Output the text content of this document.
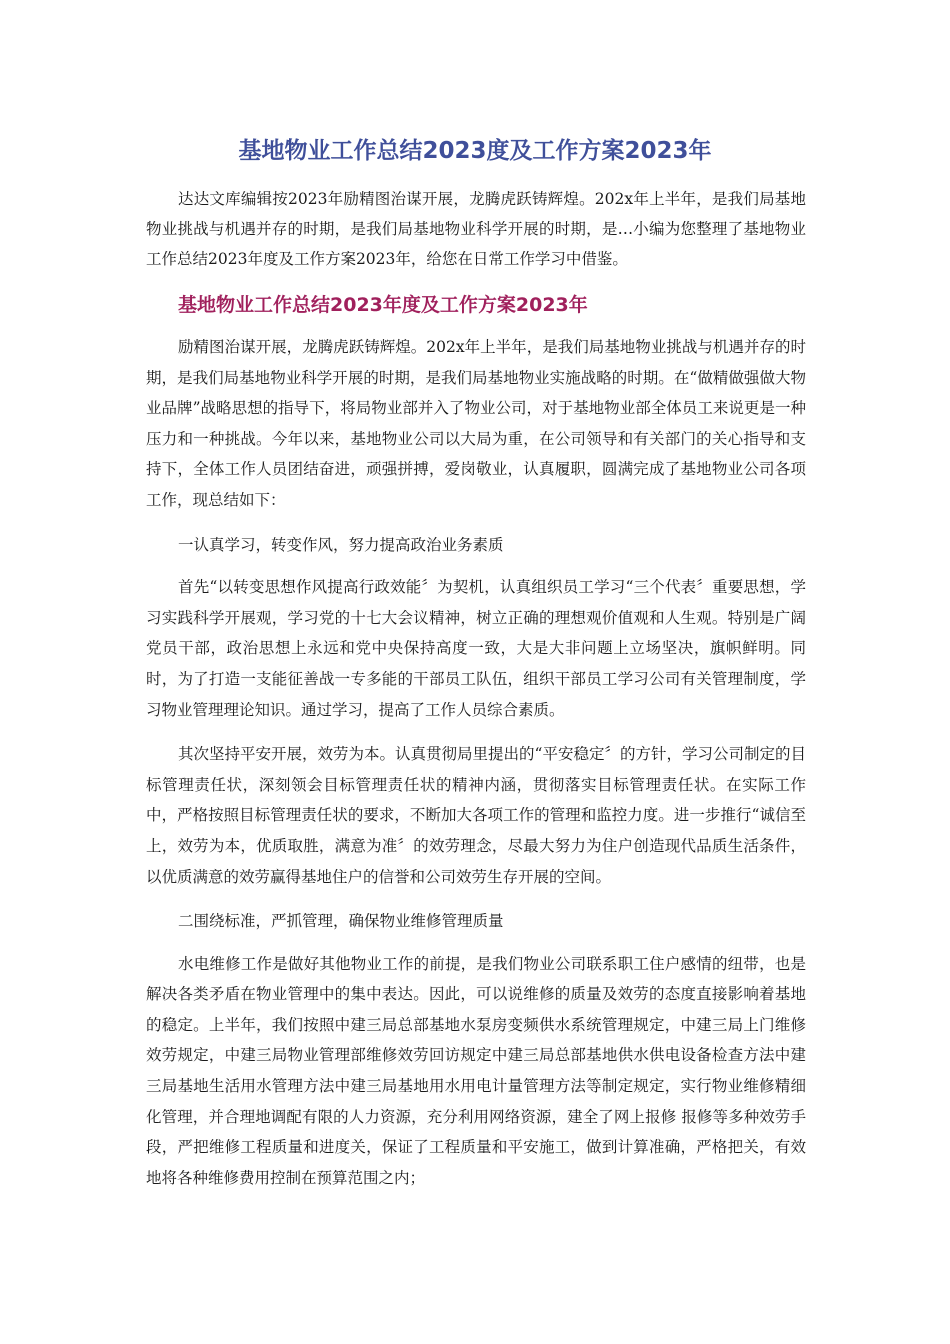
基地物业工作总结2023度及工作方案2023年

达达文库编辑按2023年励精图治谋开展，龙腾虎跃铸辉煌。202x年上半年，是我们局基地物业挑战与机遇并存的时期，是我们局基地物业科学开展的时期，是…小编为您整理了基地物业工作总结2023年度及工作方案2023年，给您在日常工作学习中借鉴。

基地物业工作总结2023年度及工作方案2023年

励精图治谋开展，龙腾虎跃铸辉煌。202x年上半年，是我们局基地物业挑战与机遇并存的时期，是我们局基地物业科学开展的时期，是我们局基地物业实施战略的时期。在“做精做强做大物业品牌”战略思想的指导下，将局物业部并入了物业公司，对于基地物业部全体员工来说更是一种压力和一种挑战。今年以来，基地物业公司以大局为重，在公司领导和有关部门的关心指导和支持下，全体工作人员团结奋进，顽强拼搏，爱岗敬业，认真履职，圆满完成了基地物业公司各项工作，现总结如下：

一认真学习，转变作风，努力提高政治业务素质

首先“以转变思想作风提高行政效能〞为契机，认真组织员工学习“三个代表〞重要思想，学习实践科学开展观，学习党的十七大会议精神，树立正确的理想观价值观和人生观。特别是广阔党员干部，政治思想上永远和党中央保持高度一致，大是大非问题上立场坚决，旗帜鲜明。同时，为了打造一支能征善战一专多能的干部员工队伍，组织干部员工学习公司有关管理制度，学习物业管理理论知识。通过学习，提高了工作人员综合素质。

其次坚持平安开展，效劳为本。认真贯彻局里提出的“平安稳定〞的方针，学习公司制定的目标管理责任状，深刻领会目标管理责任状的精神内涵，贯彻落实目标管理责任状。在实际工作中，严格按照目标管理责任状的要求，不断加大各项工作的管理和监控力度。进一步推行“诚信至上，效劳为本，优质取胜，满意为准〞的效劳理念，尽最大努力为住户创造现代品质生活条件，以优质满意的效劳赢得基地住户的信誉和公司效劳生存开展的空间。

二围绕标准，严抓管理，确保物业维修管理质量

水电维修工作是做好其他物业工作的前提，是我们物业公司联系职工住户感情的纽带，也是解决各类矛盾在物业管理中的集中表达。因此，可以说维修的质量及效劳的态度直接影响着基地的稳定。上半年，我们按照中建三局总部基地水泵房变频供水系统管理规定，中建三局上门维修效劳规定，中建三局物业管理部维修效劳回访规定中建三局总部基地供水供电设备检查方法中建三局基地生活用水管理方法中建三局基地用水用电计量管理方法等制定规定，实行物业维修精细化管理，并合理地调配有限的人力资源，充分利用网络资源，建全了网上报修 报修等多种效劳手段，严把维修工程质量和进度关，保证了工程质量和平安施工，做到计算准确，严格把关，有效地将各种维修费用控制在预算范围之内；
